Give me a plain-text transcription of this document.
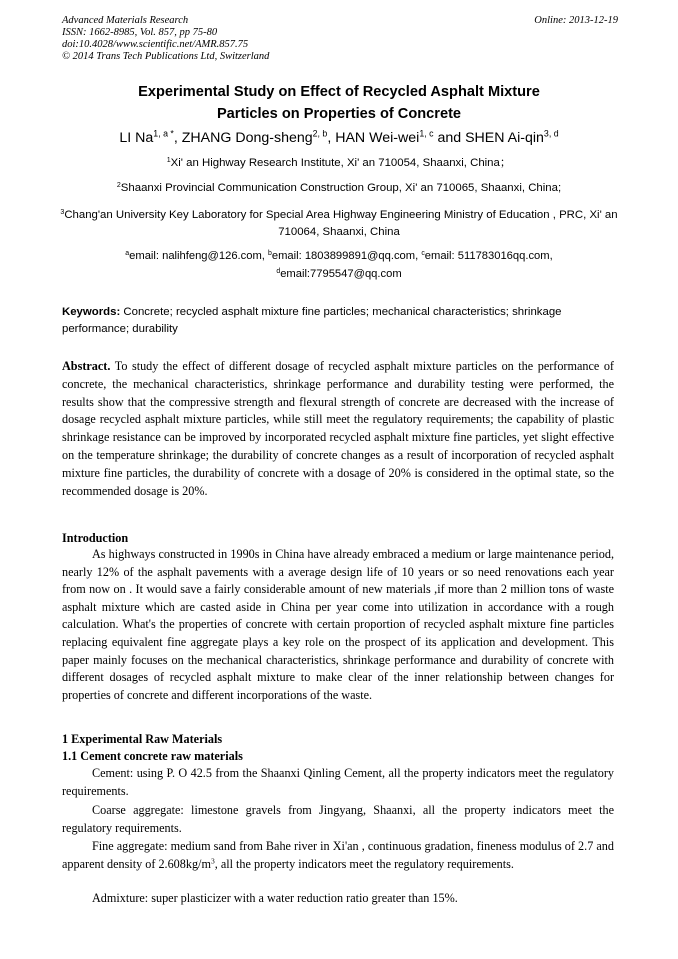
Advanced Materials Research
ISSN: 1662-8985, Vol. 857, pp 75-80
doi:10.4028/www.scientific.net/AMR.857.75
© 2014 Trans Tech Publications Ltd, Switzerland
Online: 2013-12-19
Experimental Study on Effect of Recycled Asphalt Mixture
Particles on Properties of Concrete
LI $Na^{1, a *}$, ZHANG Dong-sheng$^{2, b}$, HAN Wei-wei$^{1, c}$ and SHEN Ai-qin$^{3, d}$
$^1$Xi' an Highway Research Institute, Xi' an 710054, Shaanxi, China；
$^2$Shaanxi Provincial Communication Construction Group, Xi' an 710065, Shaanxi, China;
$^3$Chang'an University Key Laboratory for Special Area Highway Engineering Ministry of Education , PRC, Xi' an 710064, Shaanxi, China
$^a$email: nalihfeng@126.com, $^b$email: 1803899891@qq.com, $^c$email: 511783016qq.com,
$^d$email:7795547@qq.com
Keywords: Concrete; recycled asphalt mixture fine particles; mechanical characteristics; shrinkage performance; durability
Abstract. To study the effect of different dosage of recycled asphalt mixture particles on the performance of concrete, the mechanical characteristics, shrinkage performance and durability testing were performed, the results show that the compressive strength and flexural strength of concrete are decreased with the increase of dosage recycled asphalt mixture particles, while still meet the regulatory requirements; the capability of plastic shrinkage resistance can be improved by incorporated recycled asphalt mixture fine particles, yet slight effective on the temperature shrinkage; the durability of concrete changes as a result of incorporation of recycled asphalt mixture fine particles, the durability of concrete with a dosage of 20% is considered in the optimal state, so the recommended dosage is 20%.
Introduction
As highways constructed in 1990s in China have already embraced a medium or large maintenance period, nearly 12% of the asphalt pavements with a average design life of 10 years or so need renovations each year from now on . It would save a fairly considerable amount of new materials ,if more than 2 million tons of waste asphalt mixture which are casted aside in China per year come into utilization in accordance with a rough calculation. What's the properties of concrete with certain proportion of recycled asphalt mixture fine particles replacing equivalent fine aggregate plays a key role on the prospect of its application and development. This paper mainly focuses on the mechanical characteristics, shrinkage performance and durability of concrete with different dosages of recycled asphalt mixture to make clear of the inner relationship between changes for properties of concrete and different incorporations of the waste.
1 Experimental Raw Materials
1.1 Cement concrete raw materials
Cement: using P. O 42.5 from the Shaanxi Qinling Cement, all the property indicators meet the regulatory requirements.
Coarse aggregate: limestone gravels from Jingyang, Shaanxi, all the property indicators meet the regulatory requirements.
Fine aggregate: medium sand from Bahe river in Xi'an , continuous gradation, fineness modulus of 2.7 and apparent density of $2.608kg/m^3$, all the property indicators meet the regulatory requirements.
Admixture: super plasticizer with a water reduction ratio greater than 15%.
